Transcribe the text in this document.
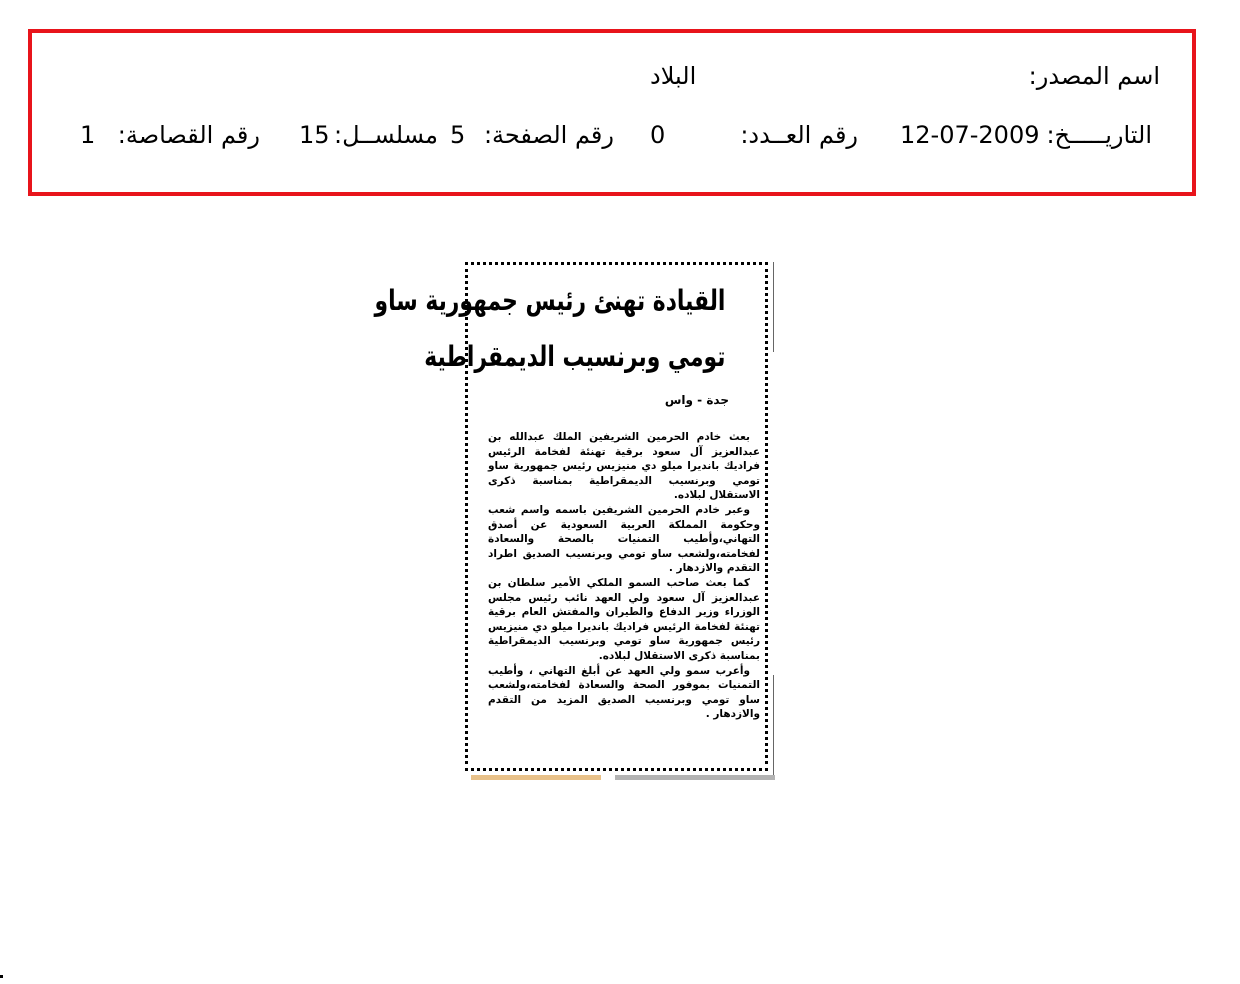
اسم المصدر:
البلاد
التاريـــــخ:
12-07-2009
رقم العــدد:
0
رقم الصفحة:
5
مسلســل:
15
رقم القصاصة:
1
القيادة تهنئ رئيس جمهورية ساو
تومي وبرنسيب الديمقراطية
جدة - واس

بعث خادم الحرمين الشريفين الملك عبدالله بن عبدالعزيز آل سعود برقية تهنئة لفخامة الرئيس فراديك بانديرا ميلو دي منيزيس رئيس جمهورية ساو تومي وبرنسيب الديمقراطية بمناسبة ذكرى الاستقلال لبلاده.

وعبر خادم الحرمين الشريفين باسمه واسم شعب وحكومة المملكة العربية السعودية عن أصدق التهاني،وأطيب التمنيات بالصحة والسعادة لفخامته،ولشعب ساو تومي وبرنسيب الصديق اطراد التقدم والازدهار .

كما بعث صاحب السمو الملكي الأمير سلطان بن عبدالعزيز آل سعود ولي العهد نائب رئيس مجلس الوزراء وزير الدفاع والطيران والمفتش العام برقية تهنئة لفخامة الرئيس فراديك بانديرا ميلو دي منيزيس رئيس جمهورية ساو تومي وبرنسيب الديمقراطية بمناسبة ذكرى الاستقلال لبلاده.

وأعرب سمو ولي العهد عن أبلغ التهاني ، وأطيب التمنيات بموفور الصحة والسعادة لفخامته،ولشعب ساو تومي وبرنسيب الصديق المزيد من التقدم والازدهار .
